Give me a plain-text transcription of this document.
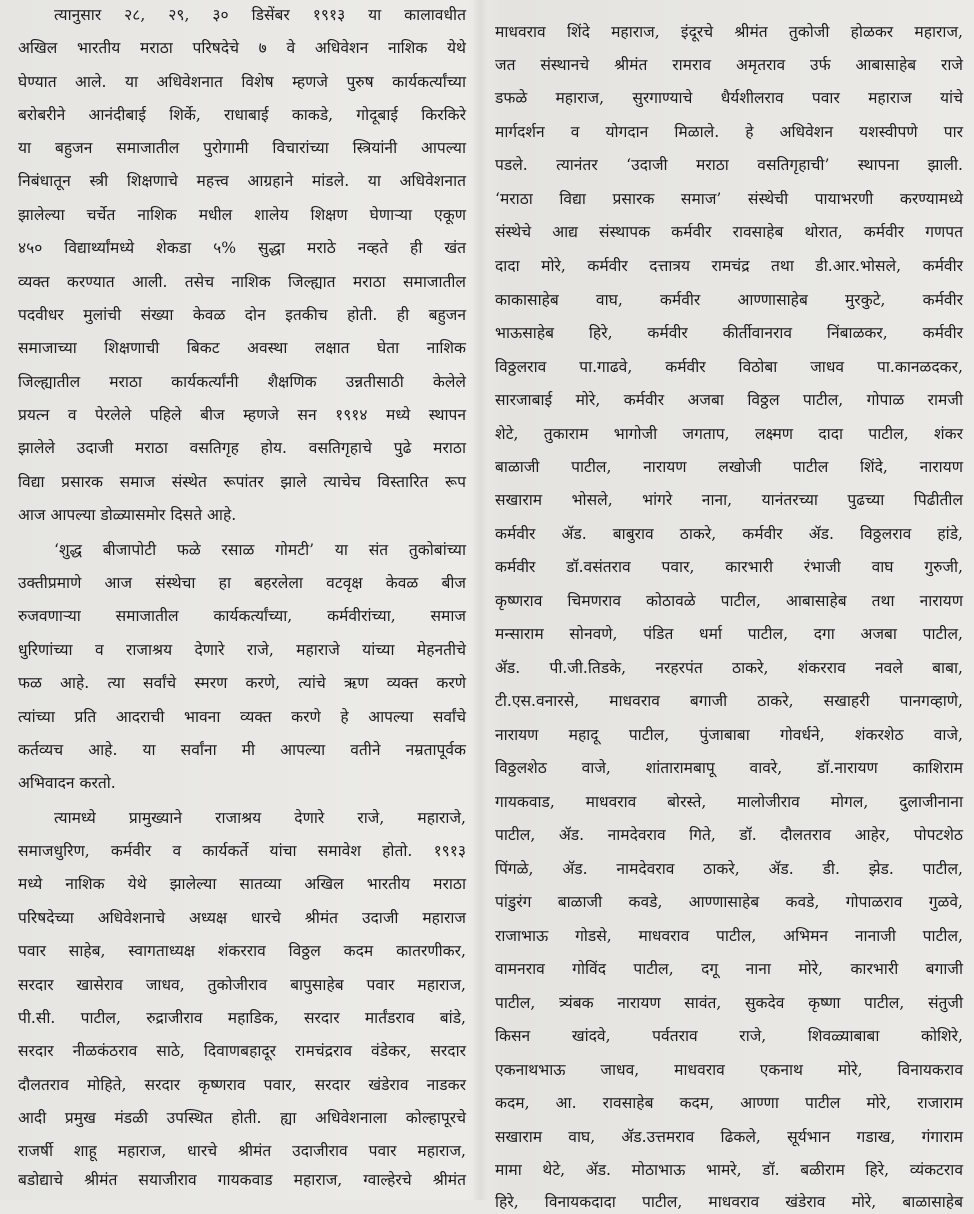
त्यानुसार २८, २९, ३० डिसेंबर १९१३ या कालावधीत
अखिल भारतीय मराठा परिषदेचे ७ वे अधिवेशन नाशिक येथे
घेण्यात आले. या अधिवेशनात विशेष म्हणजे पुरुष कार्यकर्त्यांच्या
बरोबरीने आनंदीबाई शिर्के, राधाबाई काकडे, गोदूबाई किरकिरे
या बहुजन समाजातील पुरोगामी विचारांच्या स्त्रियांनी आपल्या
निबंधातून स्त्री शिक्षणाचे महत्त्व आग्रहाने मांडले. या अधिवेशनात
झालेल्या चर्चेत नाशिक मधील शालेय शिक्षण घेणाऱ्या एकूण
४५० विद्यार्थ्यांमध्ये शेकडा ५% सुद्धा मराठे नव्हते ही खंत
व्यक्त करण्यात आली. तसेच नाशिक जिल्ह्यात मराठा समाजातील
पदवीधर मुलांची संख्या केवळ दोन इतकीच होती. ही बहुजन
समाजाच्या शिक्षणाची बिकट अवस्था लक्षात घेता नाशिक
जिल्ह्यातील मराठा कार्यकर्त्यांनी शैक्षणिक उन्नतीसाठी केलेले
प्रयत्न व पेरलेले पहिले बीज म्हणजे सन १९१४ मध्ये स्थापन
झालेले उदाजी मराठा वसतिगृह होय. वसतिगृहाचे पुढे मराठा
विद्या प्रसारक समाज संस्थेत रूपांतर झाले त्याचेच विस्तारित रूप
आज आपल्या डोळ्यासमोर दिसते आहे.
‘शुद्ध बीजापोटी फळे रसाळ गोमटी’ या संत तुकोबांच्या
उक्तीप्रमाणे आज संस्थेचा हा बहरलेला वटवृक्ष केवळ बीज
रुजवणाऱ्या समाजातील कार्यकर्त्यांच्या, कर्मवीरांच्या, समाज
धुरिणांच्या व राजाश्रय देणारे राजे, महाराजे यांच्या मेहनतीचे
फळ आहे. त्या सर्वांचे स्मरण करणे, त्यांचे ऋण व्यक्त करणे
त्यांच्या प्रति आदराची भावना व्यक्त करणे हे आपल्या सर्वांचे
कर्तव्यच आहे. या सर्वांना मी आपल्या वतीने नम्रतापूर्वक
अभिवादन करतो.
त्यामध्ये प्रामुख्याने राजाश्रय देणारे राजे, महाराजे,
समाजधुरिण, कर्मवीर व कार्यकर्ते यांचा समावेश होतो. १९१३
मध्ये नाशिक येथे झालेल्या सातव्या अखिल भारतीय मराठा
परिषदेच्या अधिवेशनाचे अध्यक्ष धारचे श्रीमंत उदाजी महाराज
पवार साहेब, स्वागताध्यक्ष शंकरराव विठ्ठल कदम कातरणीकर,
सरदार खासेराव जाधव, तुकोजीराव बापुसाहेब पवार महाराज,
पी.सी. पाटील, रुद्राजीराव महाडिक, सरदार मार्तंडराव बांडे,
सरदार नीळकंठराव साठे, दिवाणबहादूर रामचंद्रराव वंडेकर, सरदार
दौलतराव मोहिते, सरदार कृष्णराव पवार, सरदार खंडेराव नाडकर
आदी प्रमुख मंडळी उपस्थित होती. ह्या अधिवेशनाला कोल्हापूरचे
राजर्षी शाहू महाराज, धारचे श्रीमंत उदाजीराव पवार महाराज,
बडोद्याचे श्रीमंत सयाजीराव गायकवाड महाराज, ग्वाल्हेरचे श्रीमंत
माधवराव शिंदे महाराज, इंदूरचे श्रीमंत तुकोजी होळकर महाराज,
जत संस्थानचे श्रीमंत रामराव अमृतराव उर्फ आबासाहेब राजे
डफळे महाराज, सुरगाण्याचे धैर्यशीलराव पवार महाराज यांचे
मार्गदर्शन व योगदान मिळाले. हे अधिवेशन यशस्वीपणे पार
पडले. त्यानंतर ‘उदाजी मराठा वसतिगृहाची’ स्थापना झाली.
‘मराठा विद्या प्रसारक समाज’ संस्थेची पायाभरणी करण्यामध्ये
संस्थेचे आद्य संस्थापक कर्मवीर रावसाहेब थोरात, कर्मवीर गणपत
दादा मोरे, कर्मवीर दत्तात्रय रामचंद्र तथा डी.आर.भोसले, कर्मवीर
काकासाहेब वाघ, कर्मवीर आण्णासाहेब मुरकुटे, कर्मवीर
भाऊसाहेब हिरे, कर्मवीर कीर्तीवानराव निंबाळकर, कर्मवीर
विठ्ठलराव पा.गाढवे, कर्मवीर विठोबा जाधव पा.कानळदकर,
सारजाबाई मोरे, कर्मवीर अजबा विठ्ठल पाटील, गोपाळ रामजी
शेटे, तुकाराम भागोजी जगताप, लक्ष्मण दादा पाटील, शंकर
बाळाजी पाटील, नारायण लखोजी पाटील शिंदे, नारायण
सखाराम भोसले, भांगरे नाना, यानंतरच्या पुढच्या पिढीतील
कर्मवीर ॲड. बाबुराव ठाकरे, कर्मवीर ॲड. विठ्ठलराव हांडे,
कर्मवीर डॉ.वसंतराव पवार, कारभारी रंभाजी वाघ गुरुजी,
कृष्णराव चिमणराव कोठावळे पाटील, आबासाहेब तथा नारायण
मन्साराम सोनवणे, पंडित धर्मा पाटील, दगा अजबा पाटील,
ॲड. पी.जी.तिडके, नरहरपंत ठाकरे, शंकरराव नवले बाबा,
टी.एस.वनारसे, माधवराव बगाजी ठाकरे, सखाहरी पानगव्हाणे,
नारायण महादू पाटील, पुंजाबाबा गोवर्धने, शंकरशेठ वाजे,
विठ्ठलशेठ वाजे, शांतारामबापू वावरे, डॉ.नारायण काशिराम
गायकवाड, माधवराव बोरस्ते, मालोजीराव मोगल, दुलाजीनाना
पाटील, ॲड. नामदेवराव गिते, डॉ. दौलतराव आहेर, पोपटशेठ
पिंगळे, ॲड. नामदेवराव ठाकरे, ॲड. डी. झेड. पाटील,
पांडुरंग बाळाजी कवडे, आण्णासाहेब कवडे, गोपाळराव गुळवे,
राजाभाऊ गोडसे, माधवराव पाटील, अभिमन नानाजी पाटील,
वामनराव गोविंद पाटील, दगू नाना मोरे, कारभारी बगाजी
पाटील, त्र्यंबक नारायण सावंत, सुकदेव कृष्णा पाटील, संतुजी
किसन खांदवे, पर्वतराव राजे, शिवळ्याबाबा कोशिरे,
एकनाथभाऊ जाधव, माधवराव एकनाथ मोरे, विनायकराव
कदम, आ. रावसाहेब कदम, आण्णा पाटील मोरे, राजाराम
सखाराम वाघ, ॲड.उत्तमराव ढिकले, सूर्यभान गडाख, गंगाराम
मामा थेटे, ॲड. मोठाभाऊ भामरे, डॉ. बळीराम हिरे, व्यंकटराव
हिरे, विनायकदादा पाटील, माधवराव खंडेराव मोरे, बाळासाहेब
